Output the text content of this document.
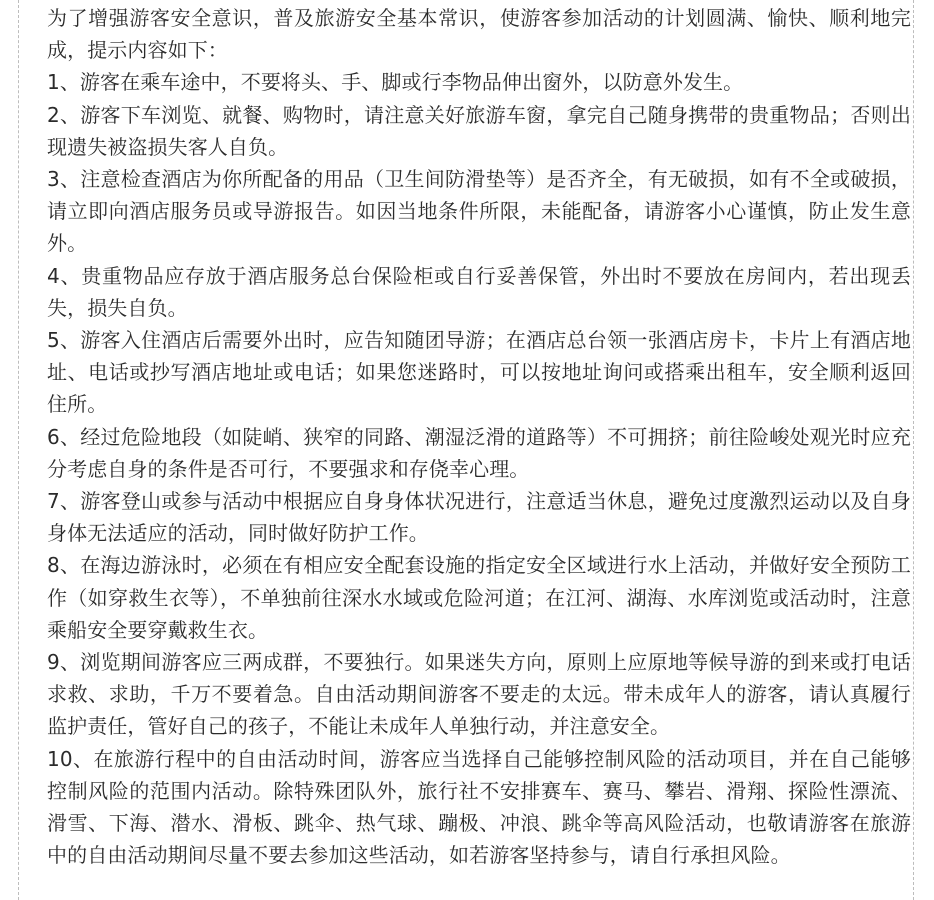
为了增强游客安全意识，普及旅游安全基本常识，使游客参加活动的计划圆满、愉快、顺利地完成，提示内容如下：

1、游客在乘车途中，不要将头、手、脚或行李物品伸出窗外，以防意外发生。

2、游客下车浏览、就餐、购物时，请注意关好旅游车窗，拿完自己随身携带的贵重物品；否则出现遗失被盗损失客人自负。

3、注意检查酒店为你所配备的用品（卫生间防滑垫等）是否齐全，有无破损，如有不全或破损，请立即向酒店服务员或导游报告。如因当地条件所限，未能配备，请游客小心谨慎，防止发生意外。

4、贵重物品应存放于酒店服务总台保险柜或自行妥善保管，外出时不要放在房间内，若出现丢失，损失自负。

5、游客入住酒店后需要外出时，应告知随团导游；在酒店总台领一张酒店房卡，卡片上有酒店地址、电话或抄写酒店地址或电话；如果您迷路时，可以按地址询问或搭乘出租车，安全顺利返回住所。

6、经过危险地段（如陡峭、狭窄的同路、潮湿泛滑的道路等）不可拥挤；前往险峻处观光时应充分考虑自身的条件是否可行，不要强求和存侥幸心理。

7、游客登山或参与活动中根据应自身身体状况进行，注意适当休息，避免过度激烈运动以及自身身体无法适应的活动，同时做好防护工作。

8、在海边游泳时，必须在有相应安全配套设施的指定安全区域进行水上活动，并做好安全预防工作（如穿救生衣等），不单独前往深水水域或危险河道；在江河、湖海、水库浏览或活动时，注意乘船安全要穿戴救生衣。

9、浏览期间游客应三两成群，不要独行。如果迷失方向，原则上应原地等候导游的到来或打电话求救、求助，千万不要着急。自由活动期间游客不要走的太远。带未成年人的游客，请认真履行监护责任，管好自己的孩子，不能让未成年人单独行动，并注意安全。

10、在旅游行程中的自由活动时间，游客应当选择自己能够控制风险的活动项目，并在自己能够控制风险的范围内活动。除特殊团队外，旅行社不安排赛车、赛马、攀岩、滑翔、探险性漂流、滑雪、下海、潜水、滑板、跳伞、热气球、蹦极、冲浪、跳伞等高风险活动，也敬请游客在旅游中的自由活动期间尽量不要去参加这些活动，如若游客坚持参与，请自行承担风险。
